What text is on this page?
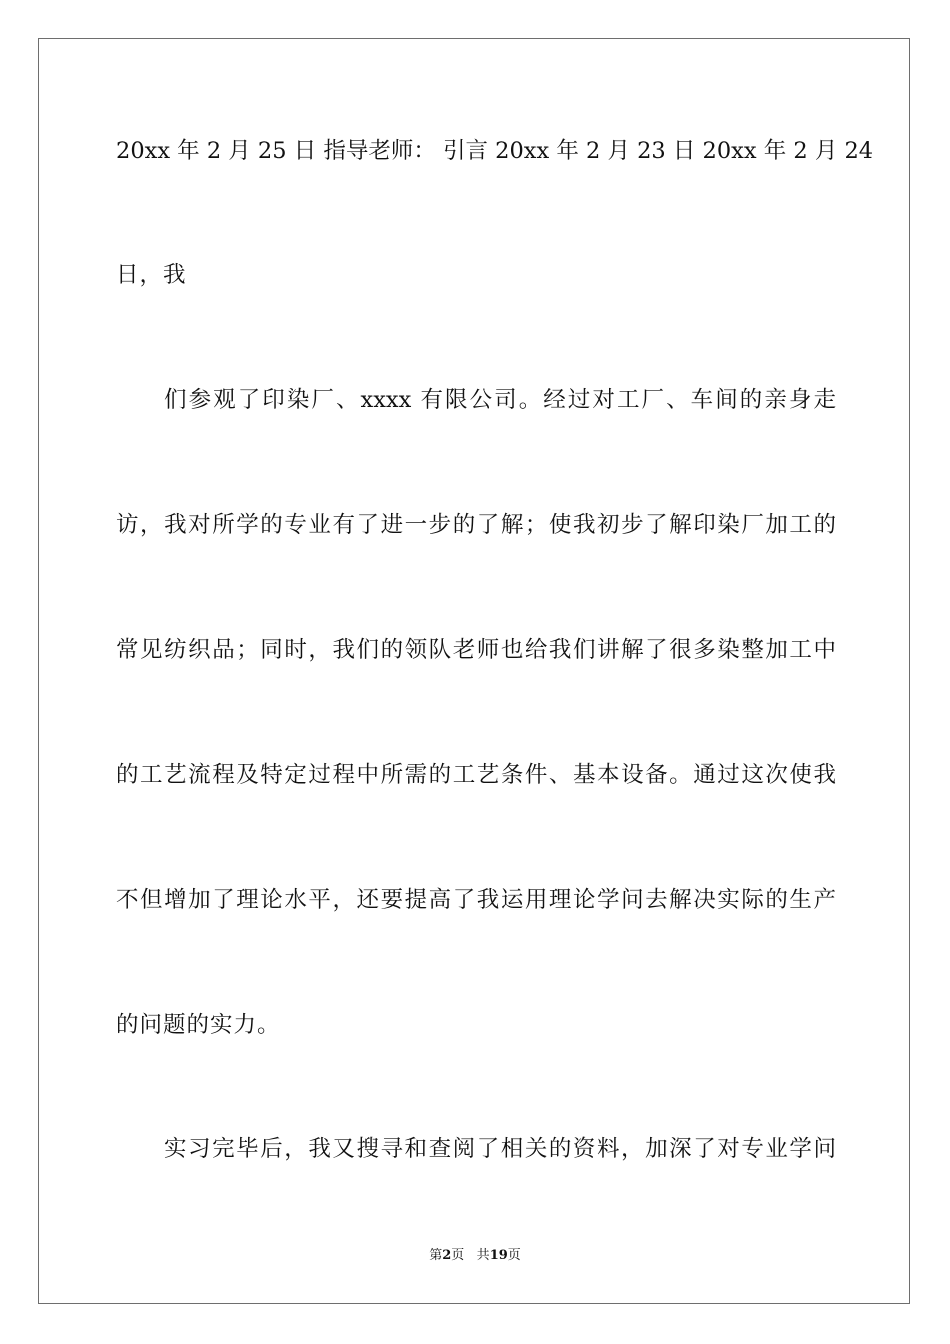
20xx 年 2 月 25 日 指导老师： 引言 20xx 年 2 月 23 日 20xx 年 2 月 24
日，我
们参观了印染厂、xxxx 有限公司。经过对工厂、车间的亲身走
访，我对所学的专业有了进一步的了解；使我初步了解印染厂加工的
常见纺织品；同时，我们的领队老师也给我们讲解了很多染整加工中
的工艺流程及特定过程中所需的工艺条件、基本设备。通过这次使我
不但增加了理论水平，还要提高了我运用理论学问去解决实际的生产
的问题的实力。
实习完毕后，我又搜寻和查阅了相关的资料，加深了对专业学问
第2页 共19页
